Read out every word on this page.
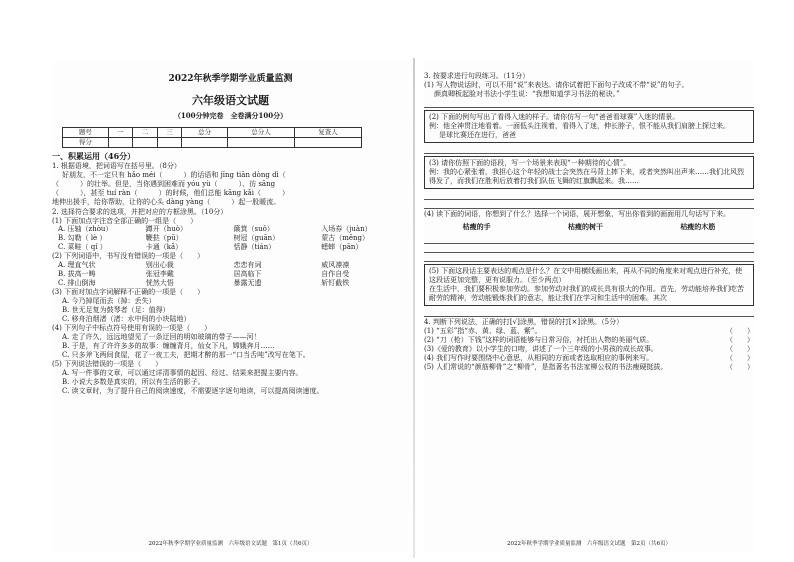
2022年秋季学期学业质量监测
六年级语文试题
（100分钟完卷　全卷满分100分）
题号	一	二	三	总分	总分人	复查人
得分						
一、积累运用（46分）
1. 根据语境，把词语写在括号里。（8分）
好朋友，不一定只有 hǎo méi（　　　）的话语和 jīng tiān dòng dì（
（　　　）的壮举。但是，当你遇到困难而 yóu yù（　　　）、彷 sāng
（　　　），甚至 tuí ràn（　　　）的时候，他们总能 kāng kǎi（　　　）
地伸出援手，给你帮助，让你的心头 dàng yàng（　　　）起一股暖流。
2. 选择符合要求的选项，并把对应的方框涂黑。（10分）
(1) 下面加点字注音全部正确的一组是（　　）
A. 压轴（zhòu）	蹲开（huò）	簸箕（suǒ）	入场券（juàn）
B. 勾勒（ lè ）	鞭挞（pū）	树冠（guān）	蒙古（měng）
C. 菜畦（ qí ）	卡通（kǎ）	恬静（tián）	蟋蟀（pān）
(2) 下列词语中，书写没有错误的一项是（　　）
A. 理直气状	别出心裁	恋恋有词	威风凛凛
B. 拔高一畴	张冠李戴	居高临下	自作自受
C. 排山倒海	恍然大悟	暴露无遗	斩钉截铁
(3) 下面对加点字词解释不正确的一项是（　　）
A. 今乃掉尾而去（掉：丢失）
B. 世无足复为鼓琴者（足：值得）
C. 移舟泊烟渚（渚：水中间的小块陆地）
(4) 下列句子中标点符号使用有误的一项是（　　）
A. 走了许久，远远地望见了一条迂回的明如玻璃的带子——河！
B. 于是，有了许许多多的故事：缠缠背月，仙女下凡，嫦娥奔月……
C. 只多斧飞两间食屋，花了一夜工夫，把期才醉的那一“口当舌吨”改写在笔下。
(5) 下列说法错误的一项是（　　）
A. 写一件事的文章，可以通过详清事情的起因、经过、结果来把握主要内容。
B. 小说大多数是真实的，所以有生活的影子。
C. 读文章时，为了提升自己的阅读速度，不需要逐字逐句地读，可以提高阅读速度。
2022年秋季学期学业质量监测　六年级语文试题　第1页（共6页）
3. 按要求进行句段练习。（11分）
(1) 写人物说话时，可以不用“说”来表达。请你试着把下面句子改成不带“说”的句子。
颜真卿板起脸对书法小学生说：“我想知道学习书法的秘诀。”
(2) 下面的例句写出了看得入迷的样子。请你仿写一句“爸爸看球赛”入迷的情景。
例：他全神贯注地看着。一面低头注视着，看得入了迷，伸长脖子，恨不能从我们肩膀上探过来。
是球比赛还在进行，爸爸
(3) 请你仿照下面的语段，写一个场景来表现“一种期待的心情”。
例：我的心紧张着，我担心这个年轻的战士会突然在马背上摔下来，或者突然叫出声来……我们北风烈得发了，而我们在胜利后放着打我们队伍飞舞的红旗飘起来。我……
(4) 读下面的词语，你想到了什么？选择一个词语，展开想象，写出你看到的画面用几句话写下来。
枯瘦的手	枯瘦的树干	枯瘦的木筋
(5) 下面这段话主要表达的观点是什么？在文中用横线画出来，再从不同的角度来对观点进行补充，使这段话更加完整，更有说服力。（至少两点）
在生活中，我们要积极参加劳动。参加劳动对我们的成长具有很大的作用。首先，劳动能培养我们吃苦耐劳的精神，劳动能锻炼我们的意志，能让我们在学习和生活中的困难。其次
4. 判断下列说法，正确的打[√]涂黑，错误的打[×]涂黑。（5分）
(1) “五彩”指“赤、黄、绿、蓝、紫”。	（　　）
(2) “刀（枪）下钱”这样的词语能够与日常习俗，衬托出人物的美丽气质。	（　　）
(3)《爱的教育》以小学生的口吻，讲述了一个三年级的小男孩的成长故事。	（　　）
(4) 我们写作时要围绕中心意思，从相同的方面或者选取相应的事例来写。	（　　）
(5) 人们常说的“颜筋柳骨”之“柳骨”，是指著名书法家柳公权的书法瘦硬挺拔。	（　　）
2022年秋季学期学业质量监测　六年级语文试题　第2页（共6页）
